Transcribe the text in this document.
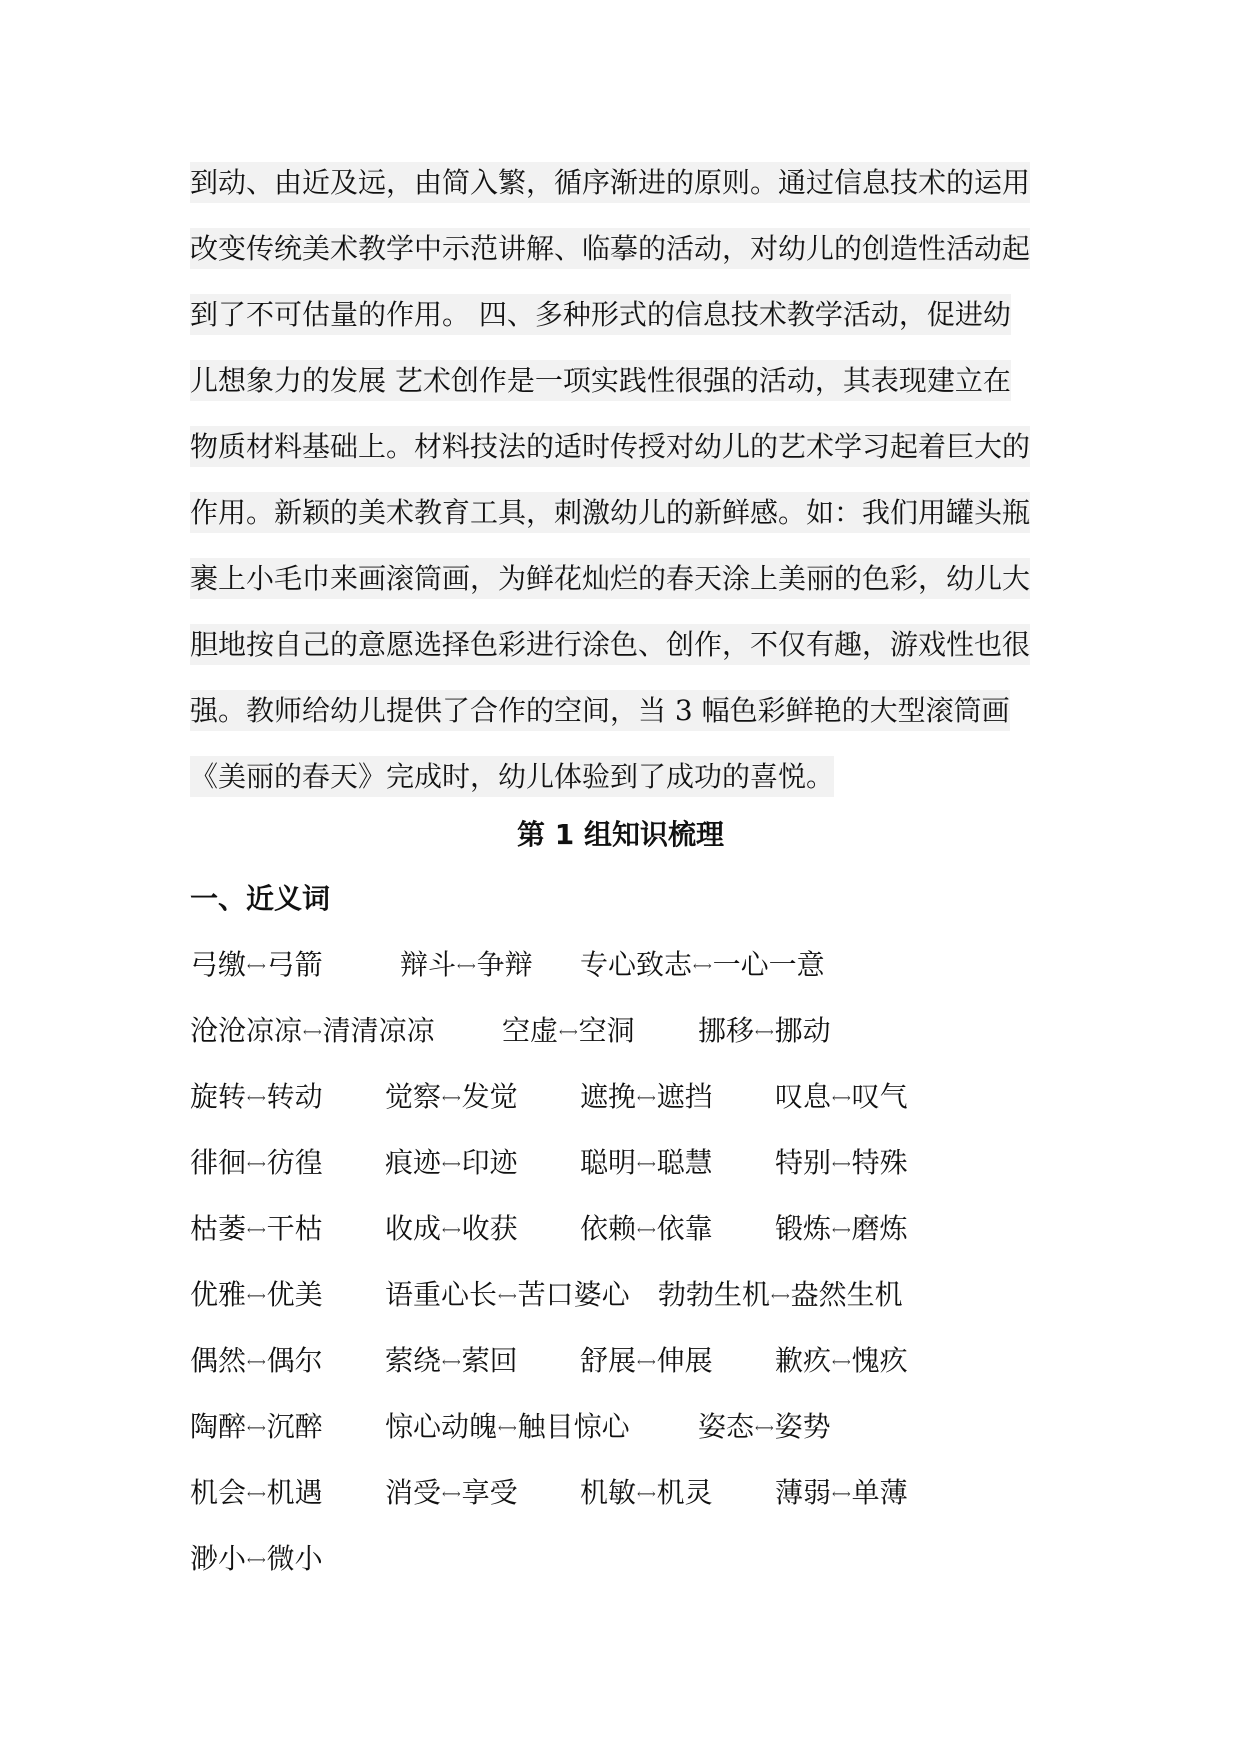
到动、由近及远，由简入繁，循序渐进的原则。通过信息技术的运用
改变传统美术教学中示范讲解、临摹的活动，对幼儿的创造性活动起
到了不可估量的作用。 四、多种形式的信息技术教学活动，促进幼
儿想象力的发展 艺术创作是一项实践性很强的活动，其表现建立在
物质材料基础上。材料技法的适时传授对幼儿的艺术学习起着巨大的
作用。新颖的美术教育工具，刺激幼儿的新鲜感。如：我们用罐头瓶
裹上小毛巾来画滚筒画，为鲜花灿烂的春天涂上美丽的色彩，幼儿大
胆地按自己的意愿选择色彩进行涂色、创作，不仅有趣，游戏性也很
强。教师给幼儿提供了合作的空间，当 3 幅色彩鲜艳的大型滚筒画
《美丽的春天》完成时，幼儿体验到了成功的喜悦。
第 1 组知识梳理
一、近义词
弓缴⟷弓箭	辩斗⟷争辩 专心致志⟷一心一意
沧沧凉凉⟷清清凉凉 空虚⟷空洞 挪移⟷挪动
旋转⟷转动 觉察⟷发觉 遮挽⟷遮挡 叹息⟷叹气
徘徊⟷彷徨 痕迹⟷印迹 聪明⟷聪慧 特别⟷特殊
枯萎⟷干枯 收成⟷收获 依赖⟷依靠 锻炼⟷磨炼
优雅⟷优美 语重心长⟷苦口婆心 勃勃生机⟷盎然生机
偶然⟷偶尔 萦绕⟷萦回 舒展⟷伸展 歉疚⟷愧疚
陶醉⟷沉醉 惊心动魄⟷触目惊心 姿态⟷姿势
机会⟷机遇 消受⟷享受 机敏⟷机灵 薄弱⟷单薄
渺小⟷微小
